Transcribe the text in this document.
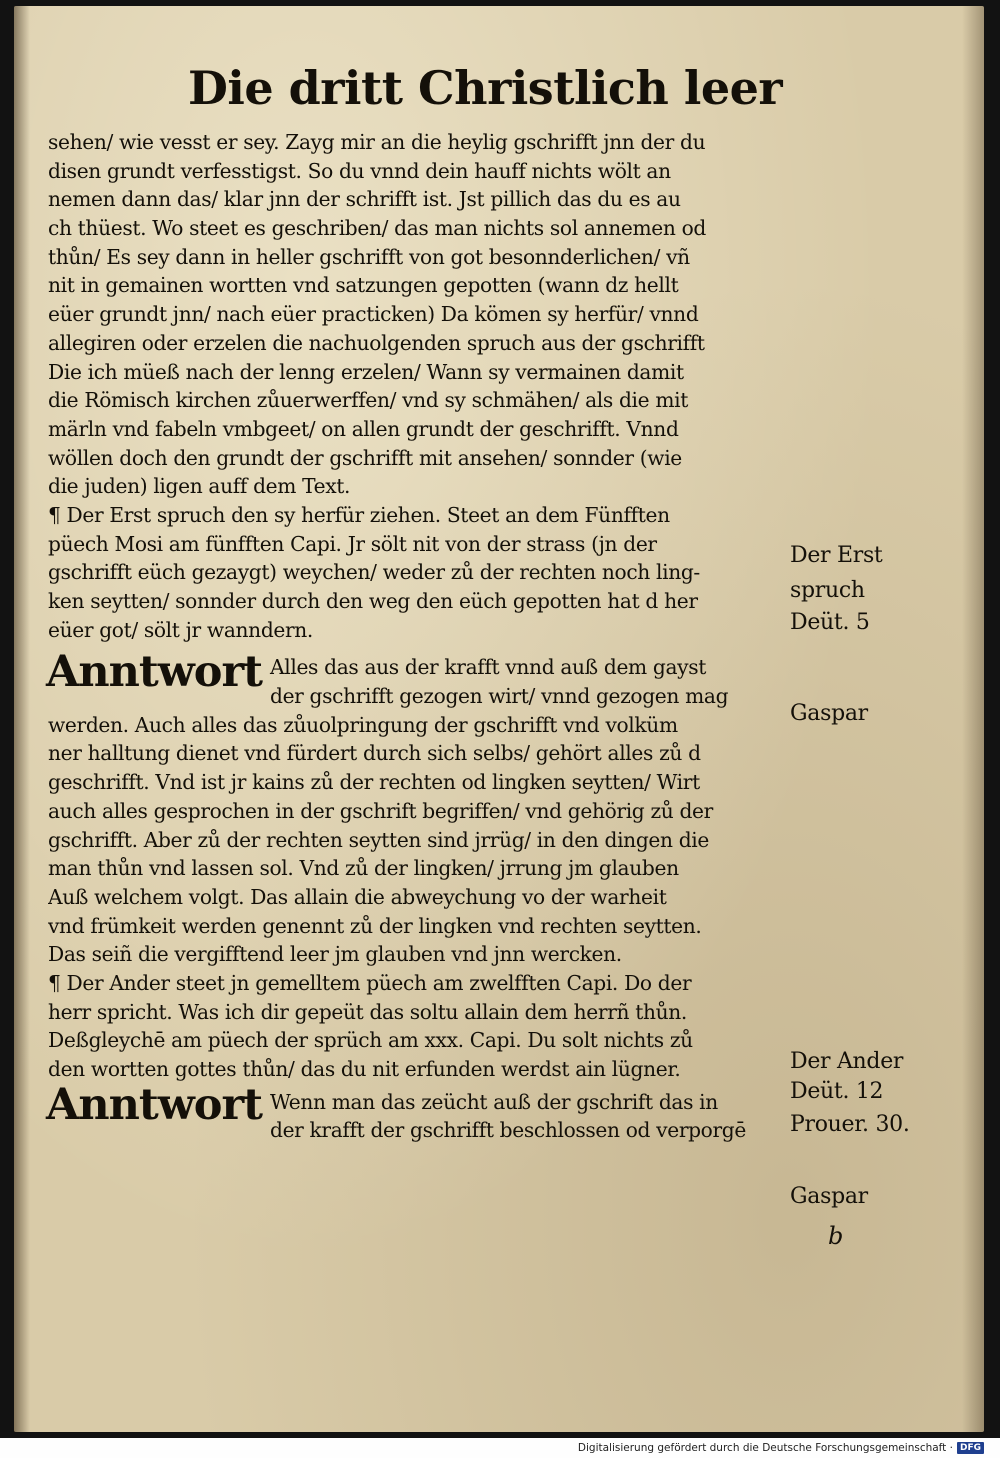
Die dritt Christlich leer
sehen/ wie vesst er sey. Zayg mir an die heylig gschrifft jnn der du
disen grundt verfesstigst. So du vnnd dein hauff nichts wölt an
nemen dann das/ klar jnn der schrifft ist. Jst pillich das du es au
ch thüest. Wo steet es geschriben/ das man nichts sol annemen od
thůn/ Es sey dann in heller gschrifft von got besonnderlichen/ vñ
nit in gemainen wortten vnd satzungen gepotten (wann dz hellt
eüer grundt jnn/ nach eüer practicken) Da kömen sy herfür/ vnnd
allegiren oder erzelen die nachuolgenden spruch aus der gschrifft
Die ich müeß nach der lenng erzelen/ Wann sy vermainen damit
die Römisch kirchen zůuerwerffen/ vnd sy schmähen/ als die mit
märln vnd fabeln vmbgeet/ on allen grundt der geschrifft. Vnnd
wöllen doch den grundt der gschrifft mit ansehen/ sonnder (wie
die juden) ligen auff dem Text.
¶ Der Erst spruch den sy herfür ziehen. Steet an dem Fünfften
püech Mosi am fünfften Capi. Jr sölt nit von der strass (jn der
gschrifft eüch gezaygt) weychen/ weder zů der rechten noch ling-
ken seytten/ sonnder durch den weg den eüch gepotten hat d her
eüer got/ sölt jr wanndern.
Anntwort Alles das aus der krafft vnnd auß dem gayst
der gschrifft gezogen wirt/ vnnd gezogen mag
werden. Auch alles das zůuolpringung der gschrifft vnd volküm
ner halltung dienet vnd fürdert durch sich selbs/ gehört alles zů d
geschrifft. Vnd ist jr kains zů der rechten od lingken seytten/ Wirt
auch alles gesprochen in der gschrift begriffen/ vnd gehörig zů der
gschrifft. Aber zů der rechten seytten sind jrrüg/ in den dingen die
man thůn vnd lassen sol. Vnd zů der lingken/ jrrung jm glauben
Auß welchem volgt. Das allain die abweychung vo der warheit
vnd frümkeit werden genennt zů der lingken vnd rechten seytten.
Das seiñ die vergifftend leer jm glauben vnd jnn wercken.
¶ Der Ander steet jn gemelltem püech am zwelfften Capi. Do der
herr spricht. Was ich dir gepeüt das soltu allain dem herrñ thůn.
Deßgleychē am püech der sprüch am xxx. Capi. Du solt nichts zů
den wortten gottes thůn/ das du nit erfunden werdst ain lügner.
Anntwort Wenn man das zeücht auß der gschrift das in
der krafft der gschrifft beschlossen od verporgē
Der Erst
spruch
Deüt. 5
Gaspar
Der Ander
Deüt. 12
Prouer. 30.
Gaspar
b
Digitalisierung gefördert durch die Deutsche Forschungsgemeinschaft · DFG
